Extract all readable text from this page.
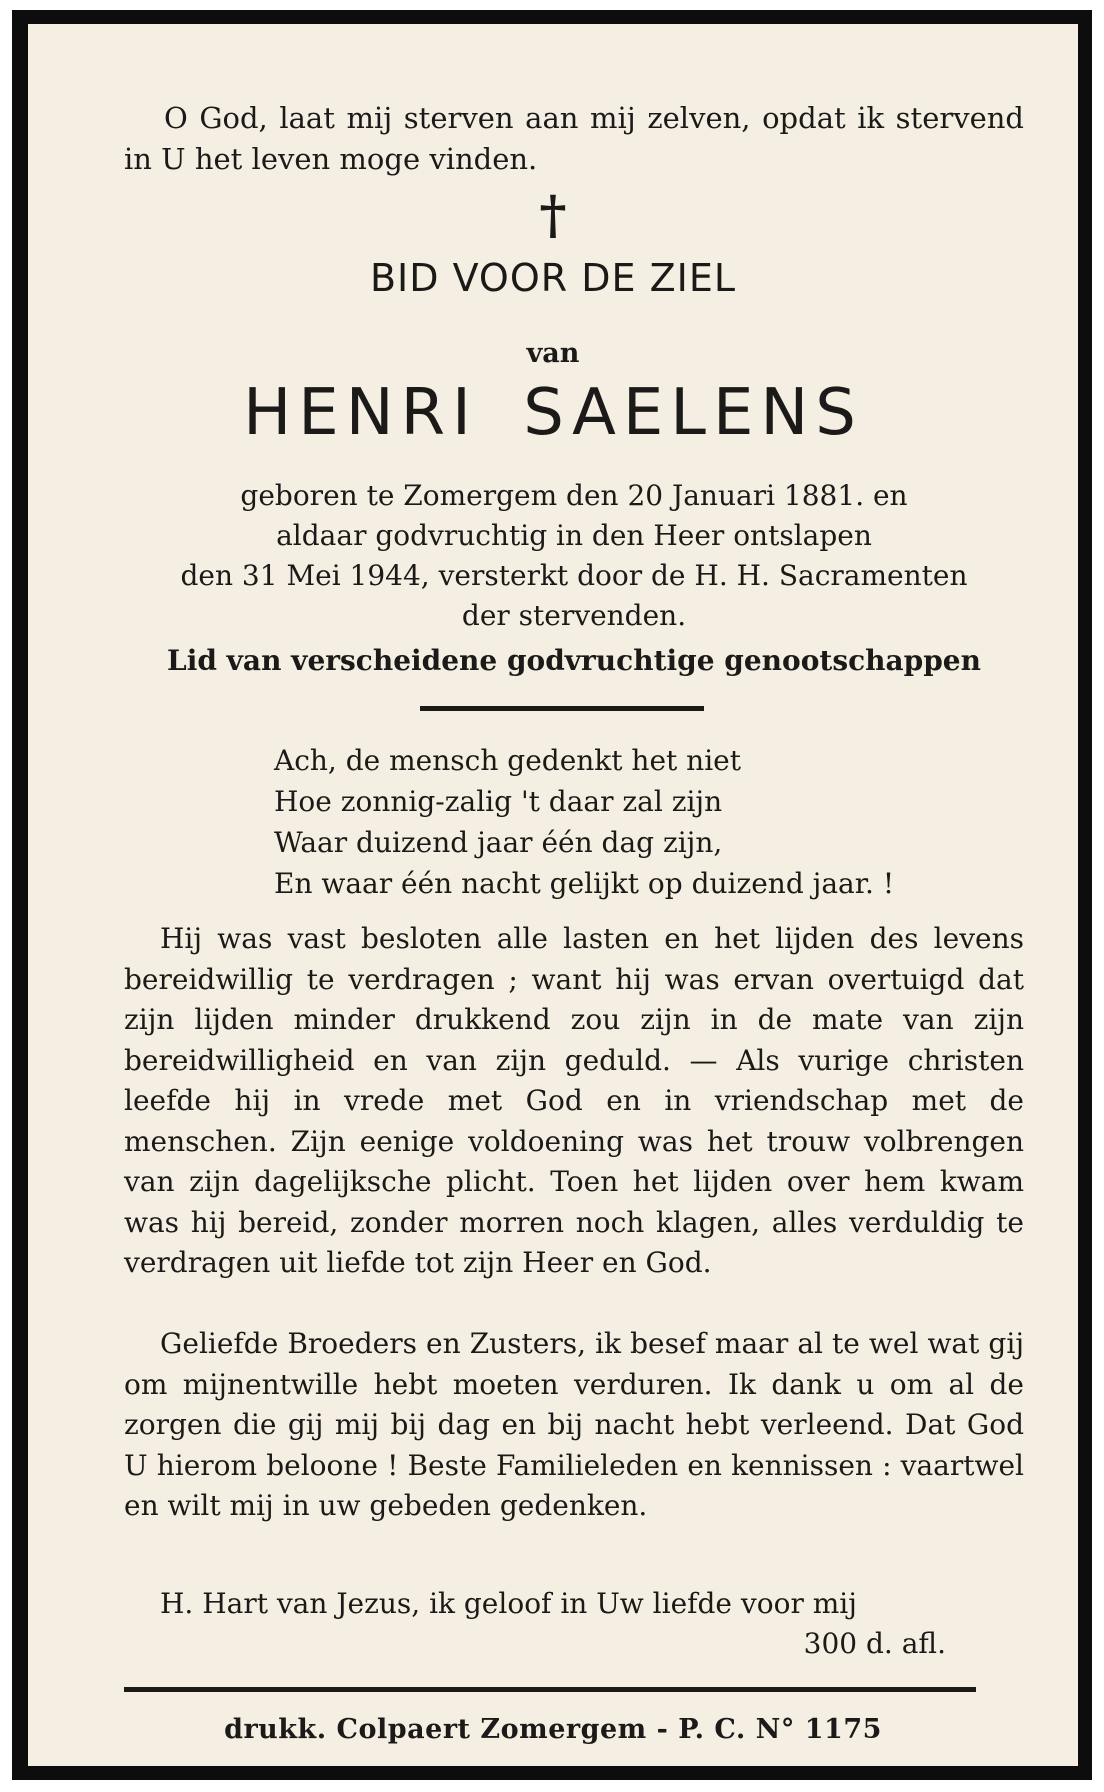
O God, laat mij sterven aan mij zelven, opdat ik stervend in U het leven moge vinden.

†
BID VOOR DE ZIEL
van
HENRI SAELENS
geboren te Zomergem den 20 Januari 1881. en
aldaar godvruchtig in den Heer ontslapen
den 31 Mei 1944, versterkt door de H. H. Sacramenten
der stervenden.
Lid van verscheidene godvruchtige genootschappen
Ach, de mensch gedenkt het niet
Hoe zonnig-zalig 't daar zal zijn
Waar duizend jaar één dag zijn,
En waar één nacht gelijkt op duizend jaar. !

Hij was vast besloten alle lasten en het lijden des levens bereidwillig te verdragen ; want hij was ervan overtuigd dat zijn lijden minder drukkend zou zijn in de mate van zijn bereidwilligheid en van zijn geduld. — Als vurige christen leefde hij in vrede met God en in vriendschap met de menschen. Zijn eenige voldoening was het trouw volbrengen van zijn dagelijksche plicht. Toen het lijden over hem kwam was hij bereid, zonder morren noch klagen, alles verduldig te verdragen uit liefde tot zijn Heer en God.

Geliefde Broeders en Zusters, ik besef maar al te wel wat gij om mijnentwille hebt moeten verduren. Ik dank u om al de zorgen die gij mij bij dag en bij nacht hebt verleend. Dat God U hierom beloone ! Beste Familieleden en kennissen : vaartwel en wilt mij in uw gebeden gedenken.

H. Hart van Jezus, ik geloof in Uw liefde voor mij
300 d. afl.
drukk. Colpaert Zomergem - P. C. N° 1175
